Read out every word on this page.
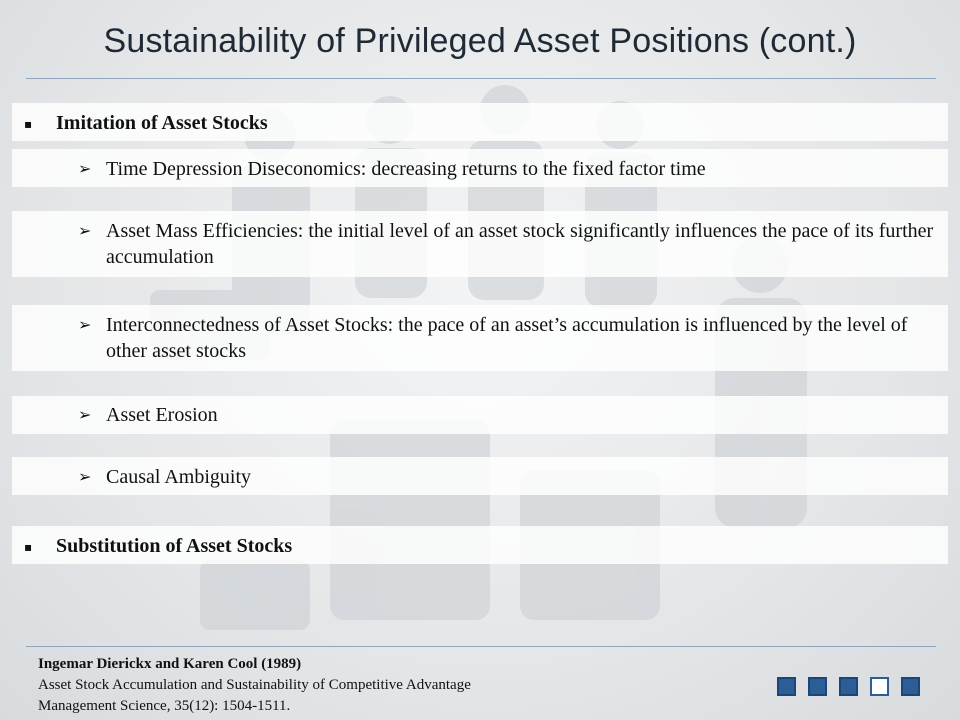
Sustainability of Privileged Asset Positions (cont.)
▪ Imitation of Asset Stocks
➢ Time Depression Diseconomics: decreasing returns to the fixed factor time
➢ Asset Mass Efficiencies: the initial level of an asset stock significantly influences the pace of its further accumulation
➢ Interconnectedness of Asset Stocks: the pace of an asset’s accumulation is influenced by the level of other asset stocks
➢ Asset Erosion
➢ Causal Ambiguity
▪ Substitution of Asset Stocks
Ingemar Dierickx and Karen Cool (1989)
Asset Stock Accumulation and Sustainability of Competitive Advantage
Management Science, 35(12): 1504-1511.
